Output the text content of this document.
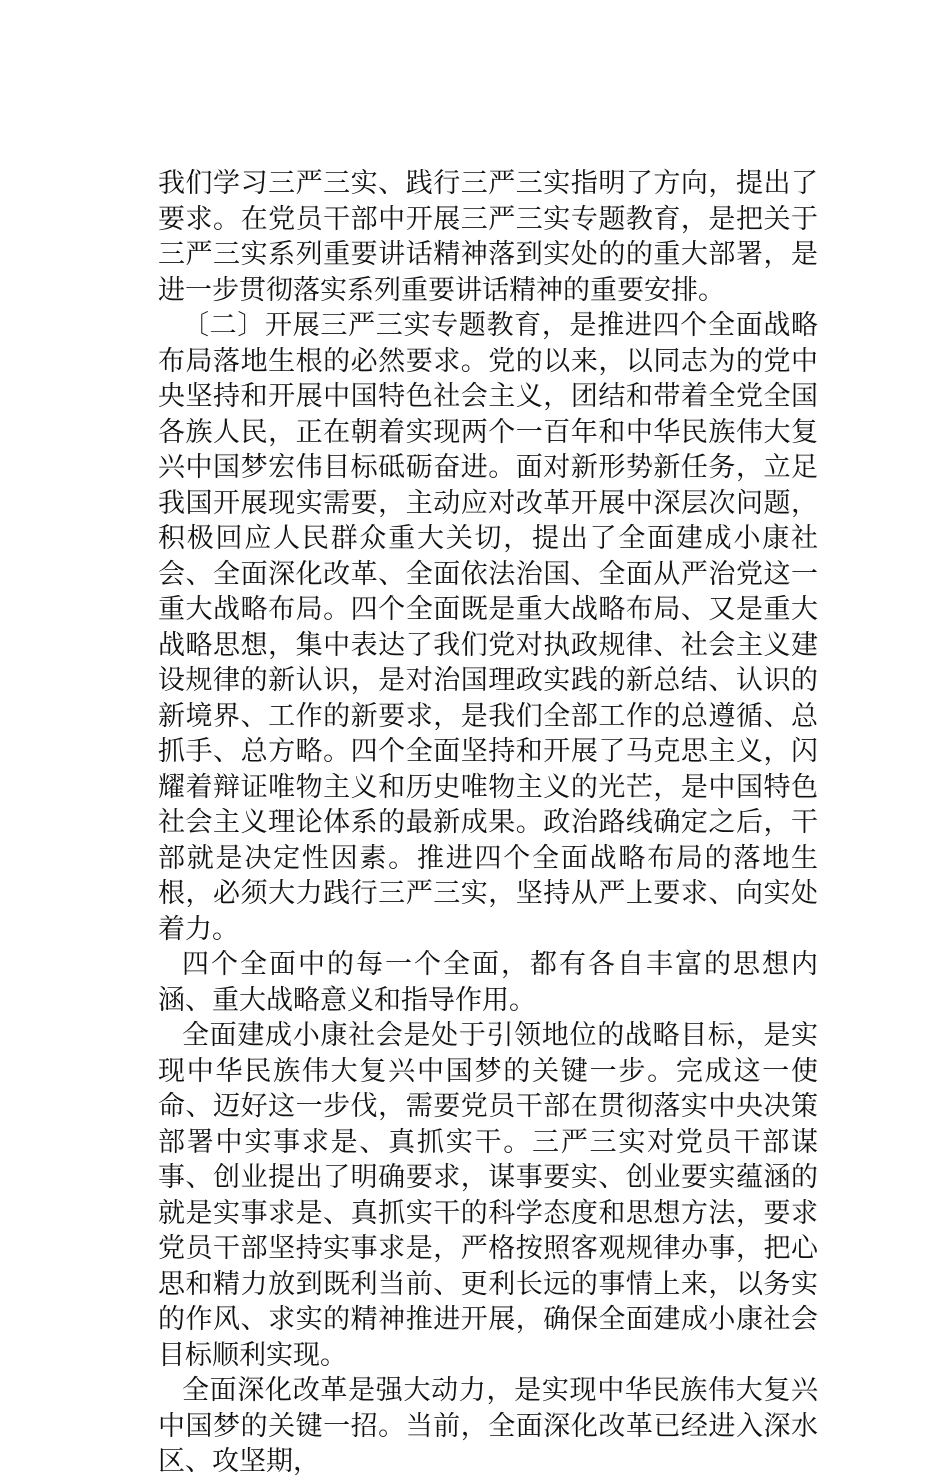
我们学习三严三实、践行三严三实指明了方向，提出了要求。在党员干部中开展三严三实专题教育，是把关于三严三实系列重要讲话精神落到实处的的重大部署，是进一步贯彻落实系列重要讲话精神的重要安排。

〔二〕开展三严三实专题教育，是推进四个全面战略布局落地生根的必然要求。党的以来，以同志为的党中央坚持和开展中国特色社会主义，团结和带着全党全国各族人民，正在朝着实现两个一百年和中华民族伟大复兴中国梦宏伟目标砥砺奋进。面对新形势新任务，立足我国开展现实需要，主动应对改革开展中深层次问题，积极回应人民群众重大关切，提出了全面建成小康社会、全面深化改革、全面依法治国、全面从严治党这一重大战略布局。四个全面既是重大战略布局、又是重大战略思想，集中表达了我们党对执政规律、社会主义建设规律的新认识，是对治国理政实践的新总结、认识的新境界、工作的新要求，是我们全部工作的总遵循、总抓手、总方略。四个全面坚持和开展了马克思主义，闪耀着辩证唯物主义和历史唯物主义的光芒，是中国特色社会主义理论体系的最新成果。政治路线确定之后，干部就是决定性因素。推进四个全面战略布局的落地生根，必须大力践行三严三实，坚持从严上要求、向实处着力。

四个全面中的每一个全面，都有各自丰富的思想内涵、重大战略意义和指导作用。

全面建成小康社会是处于引领地位的战略目标，是实现中华民族伟大复兴中国梦的关键一步。完成这一使命、迈好这一步伐，需要党员干部在贯彻落实中央决策部署中实事求是、真抓实干。三严三实对党员干部谋事、创业提出了明确要求，谋事要实、创业要实蕴涵的就是实事求是、真抓实干的科学态度和思想方法，要求党员干部坚持实事求是，严格按照客观规律办事，把心思和精力放到既利当前、更利长远的事情上来，以务实的作风、求实的精神推进开展，确保全面建成小康社会目标顺利实现。

全面深化改革是强大动力，是实现中华民族伟大复兴中国梦的关键一招。当前，全面深化改革已经进入深水区、攻坚期，
